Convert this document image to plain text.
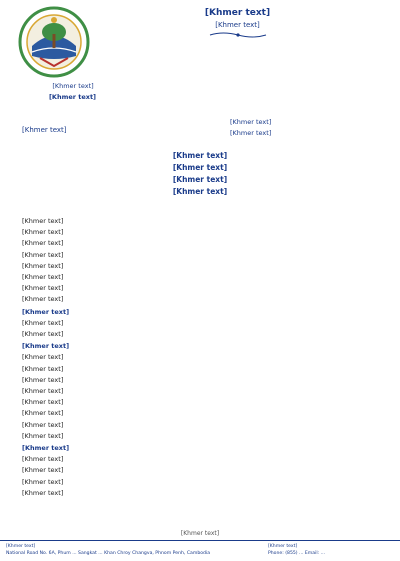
[Khmer text]
[Khmer text]
[Khmer text]
[Khmer text]
[Khmer text]
[Khmer text]
[Khmer text]
[Khmer text]
[Khmer text]
[Khmer text]
[Khmer text]
[Khmer text]
[Khmer text]
[Khmer text]
[Khmer text]
[Khmer text]
[Khmer text]
[Khmer text]
[Khmer text]
[Khmer text]
[Khmer text]
[Khmer text]
[Khmer text]
[Khmer text]
[Khmer text]
[Khmer text]
[Khmer text]
[Khmer text]
[Khmer text]
[Khmer text]
[Khmer text]
[Khmer text]
[Khmer text]
[Khmer text]
[Khmer text]
[Khmer text]
[Khmer text]
[Khmer text]
National Road No. 6A, Phum ... Sangkat ... Khan Chroy Changva, Phnom Penh, Cambodia
[Khmer text]
Phone: (855) ... Email: ...
